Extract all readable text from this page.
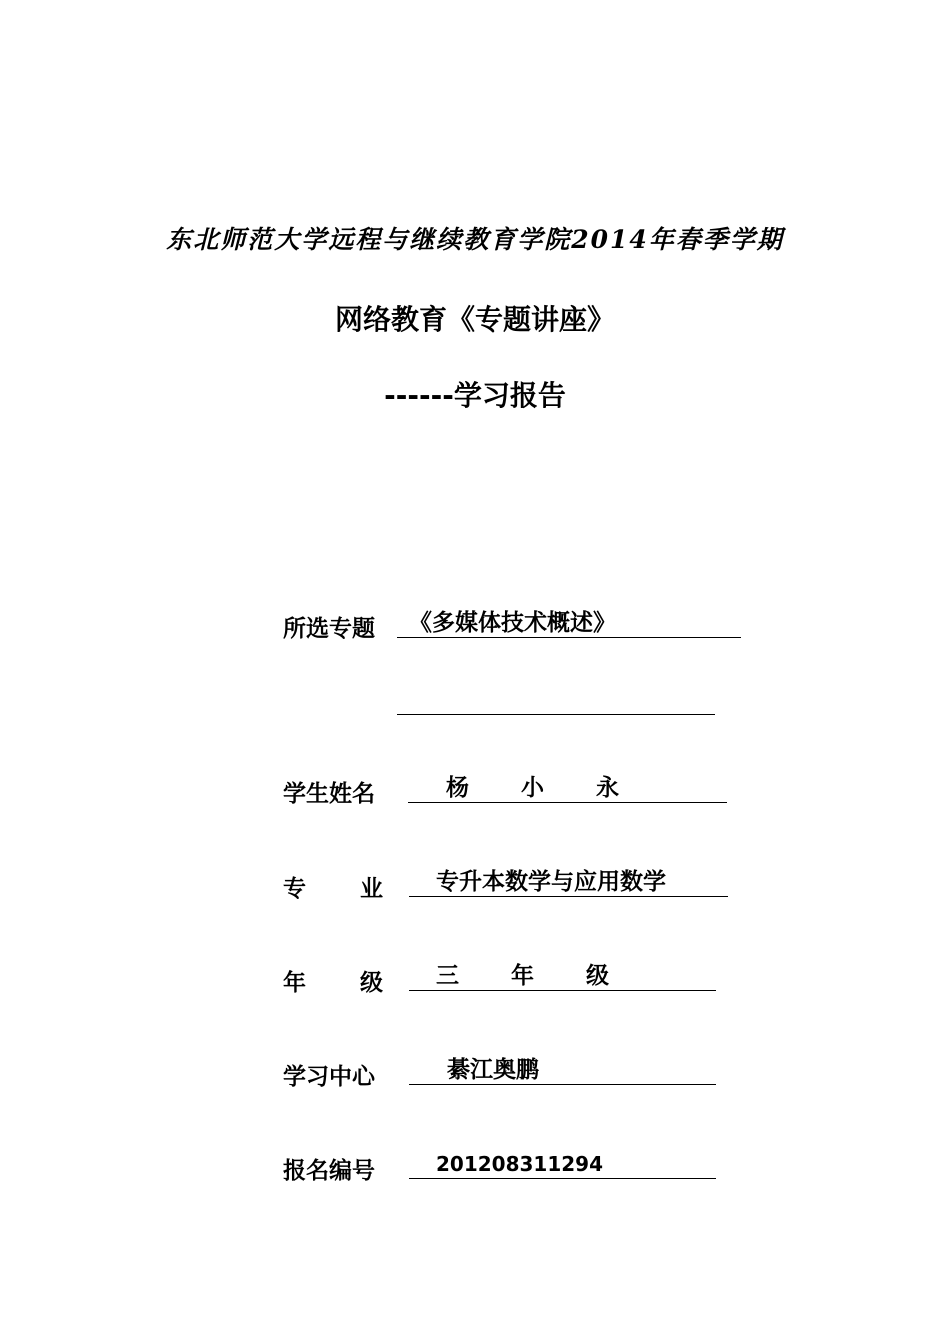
东北师范大学远程与继续教育学院2014年春季学期
网络教育《专题讲座》
------学习报告
所选专题	《多媒体技术概述》
学生姓名	杨 小 永
专 业	专升本数学与应用数学
年 级	三 年 级
学习中心	綦江奥鹏
报名编号	201208311294
